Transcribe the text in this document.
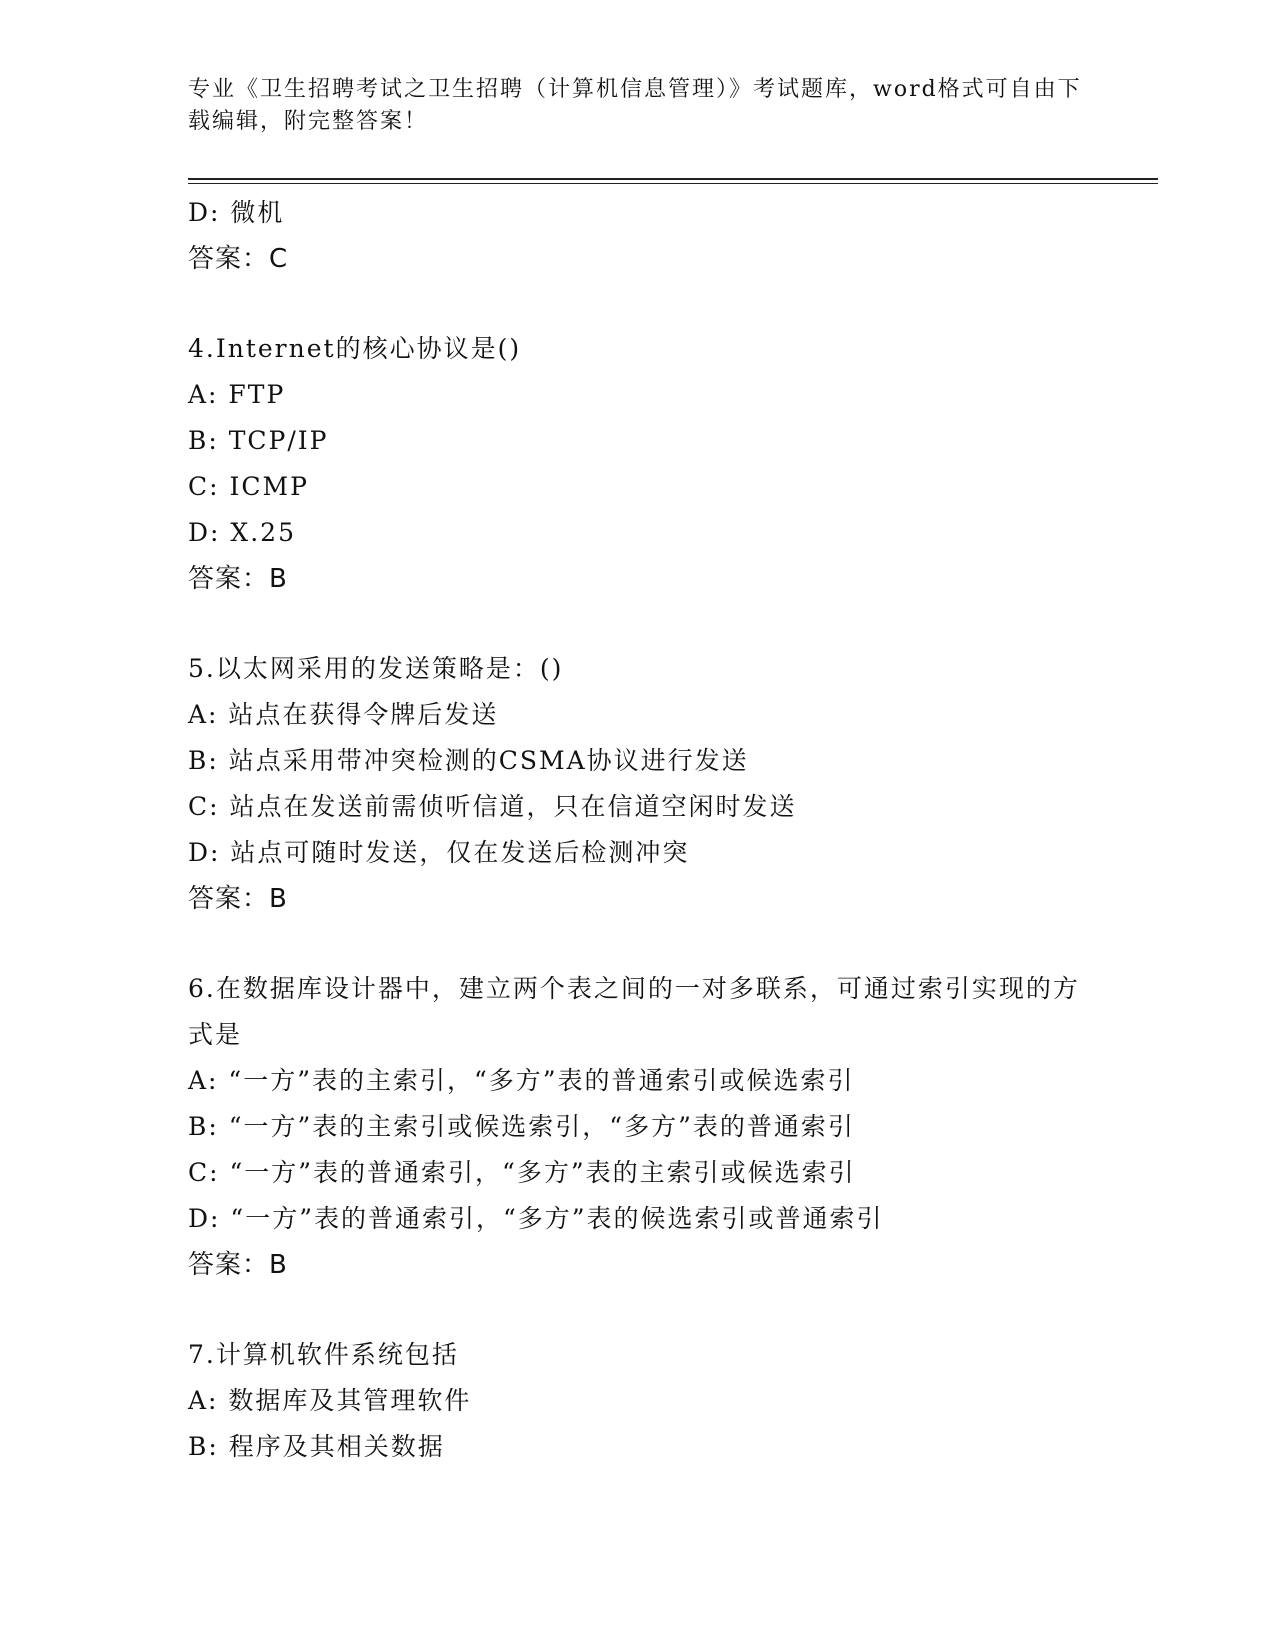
专业《卫生招聘考试之卫生招聘（计算机信息管理）》考试题库，word格式可自由下载编辑，附完整答案！
D: 微机
答案：C
4.Internet的核心协议是()
A: FTP
B: TCP/IP
C: ICMP
D: X.25
答案：B
5.以太网采用的发送策略是：()
A: 站点在获得令牌后发送
B: 站点采用带冲突检测的CSMA协议进行发送
C: 站点在发送前需侦听信道，只在信道空闲时发送
D: 站点可随时发送，仅在发送后检测冲突
答案：B
6.在数据库设计器中，建立两个表之间的一对多联系，可通过索引实现的方式是
A: “一方”表的主索引，“多方”表的普通索引或候选索引
B: “一方”表的主索引或候选索引，“多方”表的普通索引
C: “一方”表的普通索引，“多方”表的主索引或候选索引
D: “一方”表的普通索引，“多方”表的候选索引或普通索引
答案：B
7.计算机软件系统包括
A: 数据库及其管理软件
B: 程序及其相关数据
